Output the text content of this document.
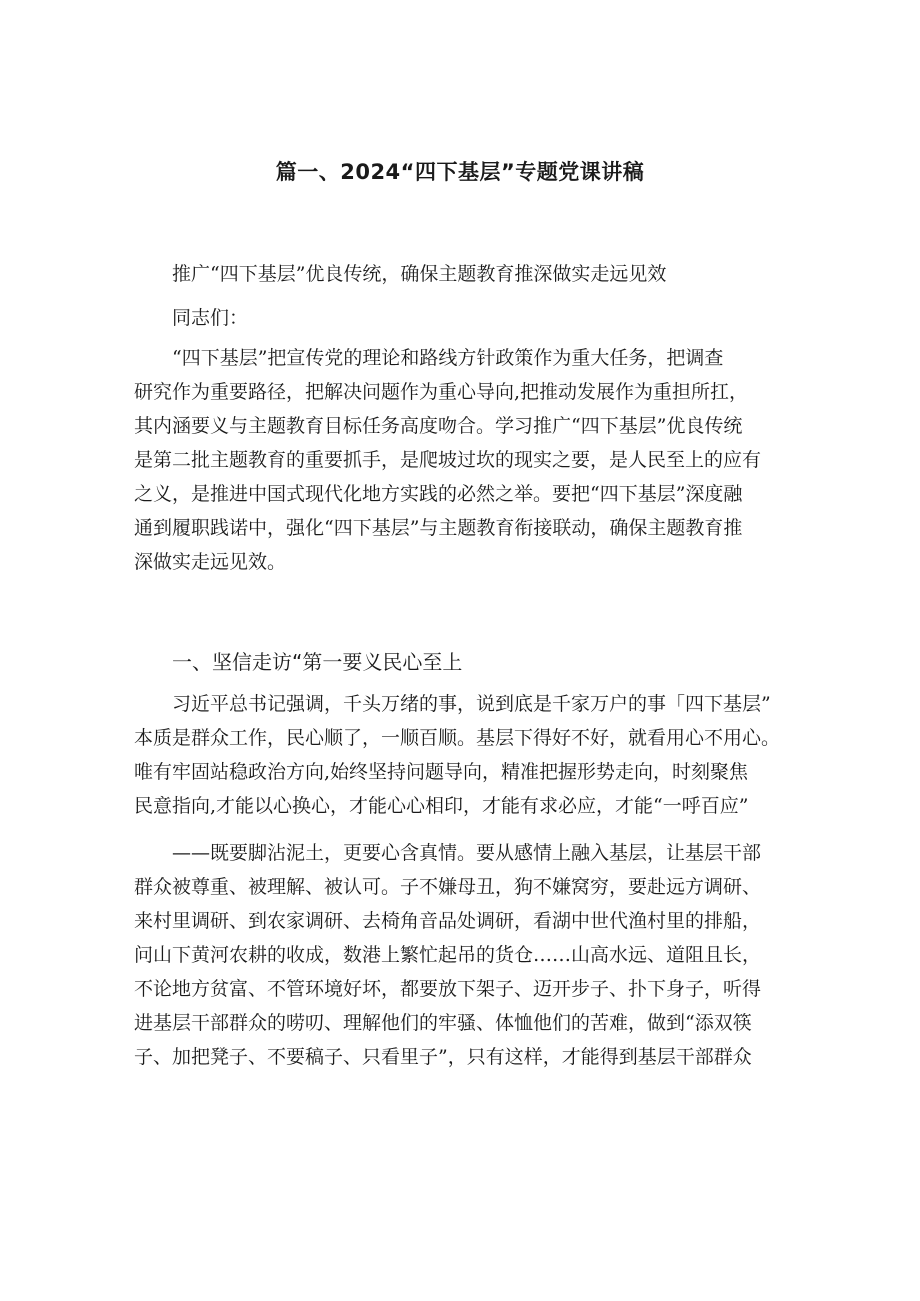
篇一、2024“四下基层”专题党课讲稿
推广“四下基层”优良传统，确保主题教育推深做实走远见效
同志们：
“四下基层”把宣传党的理论和路线方针政策作为重大任务，把调查
研究作为重要路径，把解决问题作为重心导向,把推动发展作为重担所扛，
其内涵要义与主题教育目标任务高度吻合。学习推广“四下基层”优良传统
是第二批主题教育的重要抓手，是爬坡过坎的现实之要，是人民至上的应有
之义，是推进中国式现代化地方实践的必然之举。要把“四下基层”深度融
通到履职践诺中，强化“四下基层”与主题教育衔接联动，确保主题教育推
深做实走远见效。
一、坚信走访“第一要义民心至上
习近平总书记强调，千头万绪的事，说到底是千家万户的事「四下基层”
本质是群众工作，民心顺了，一顺百顺。基层下得好不好，就看用心不用心。
唯有牢固站稳政治方向,始终坚持问题导向，精准把握形势走向，时刻聚焦
民意指向,才能以心换心，才能心心相印，才能有求必应，才能“一呼百应”
——既要脚沾泥土，更要心含真情。要从感情上融入基层，让基层干部
群众被尊重、被理解、被认可。子不嫌母丑，狗不嫌窝穷，要赴远方调研、
来村里调研、到农家调研、去椅角音品处调研，看湖中世代渔村里的排船，
问山下黄河农耕的收成，数港上繁忙起吊的货仓……山高水远、道阻且长，
不论地方贫富、不管环境好坏，都要放下架子、迈开步子、扑下身子，听得
进基层干部群众的唠叨、理解他们的牢骚、体恤他们的苦难，做到“添双筷
子、加把凳子、不要稿子、只看里子”，只有这样，才能得到基层干部群众
